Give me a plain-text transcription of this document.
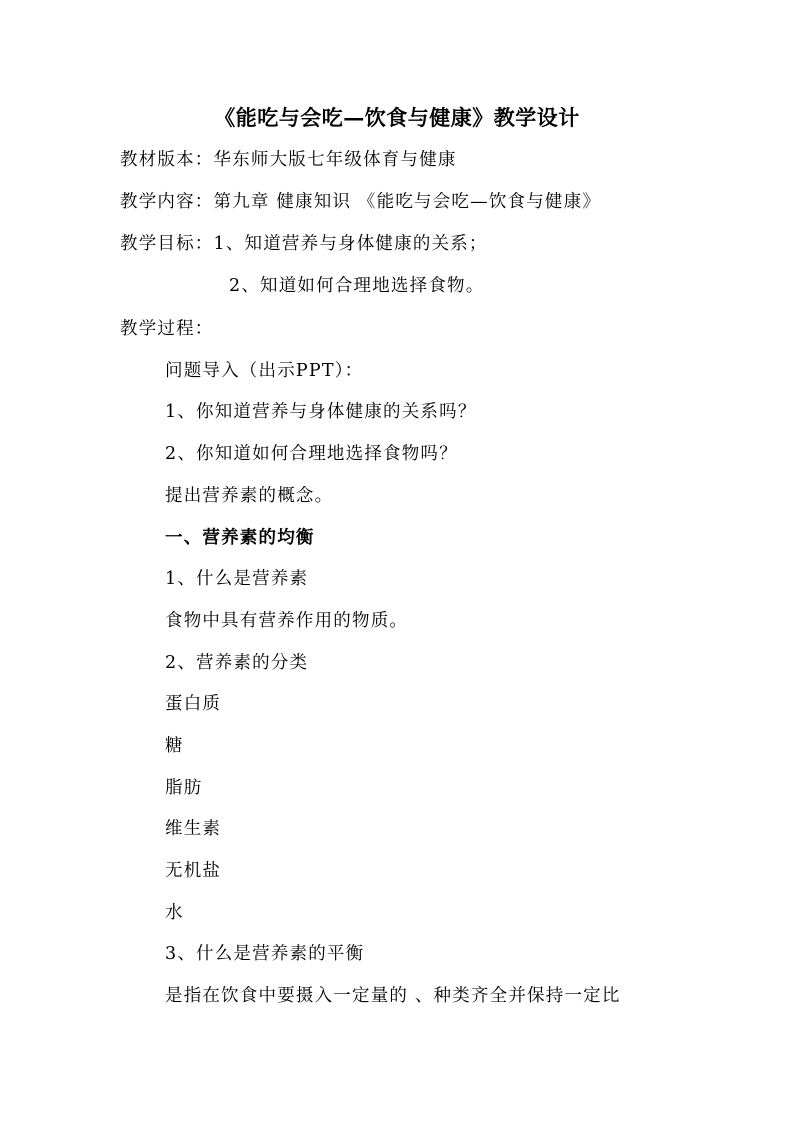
《能吃与会吃—饮食与健康》教学设计
教材版本：华东师大版七年级体育与健康
教学内容：第九章 健康知识 《能吃与会吃—饮食与健康》
教学目标：1、知道营养与身体健康的关系；
2、知道如何合理地选择食物。
教学过程：
问题导入（出示PPT）：
1、你知道营养与身体健康的关系吗？
2、你知道如何合理地选择食物吗？
提出营养素的概念。
一、营养素的均衡
1、什么是营养素
食物中具有营养作用的物质。
2、营养素的分类
蛋白质
糖
脂肪
维生素
无机盐
水
3、什么是营养素的平衡
是指在饮食中要摄入一定量的 、种类齐全并保持一定比
